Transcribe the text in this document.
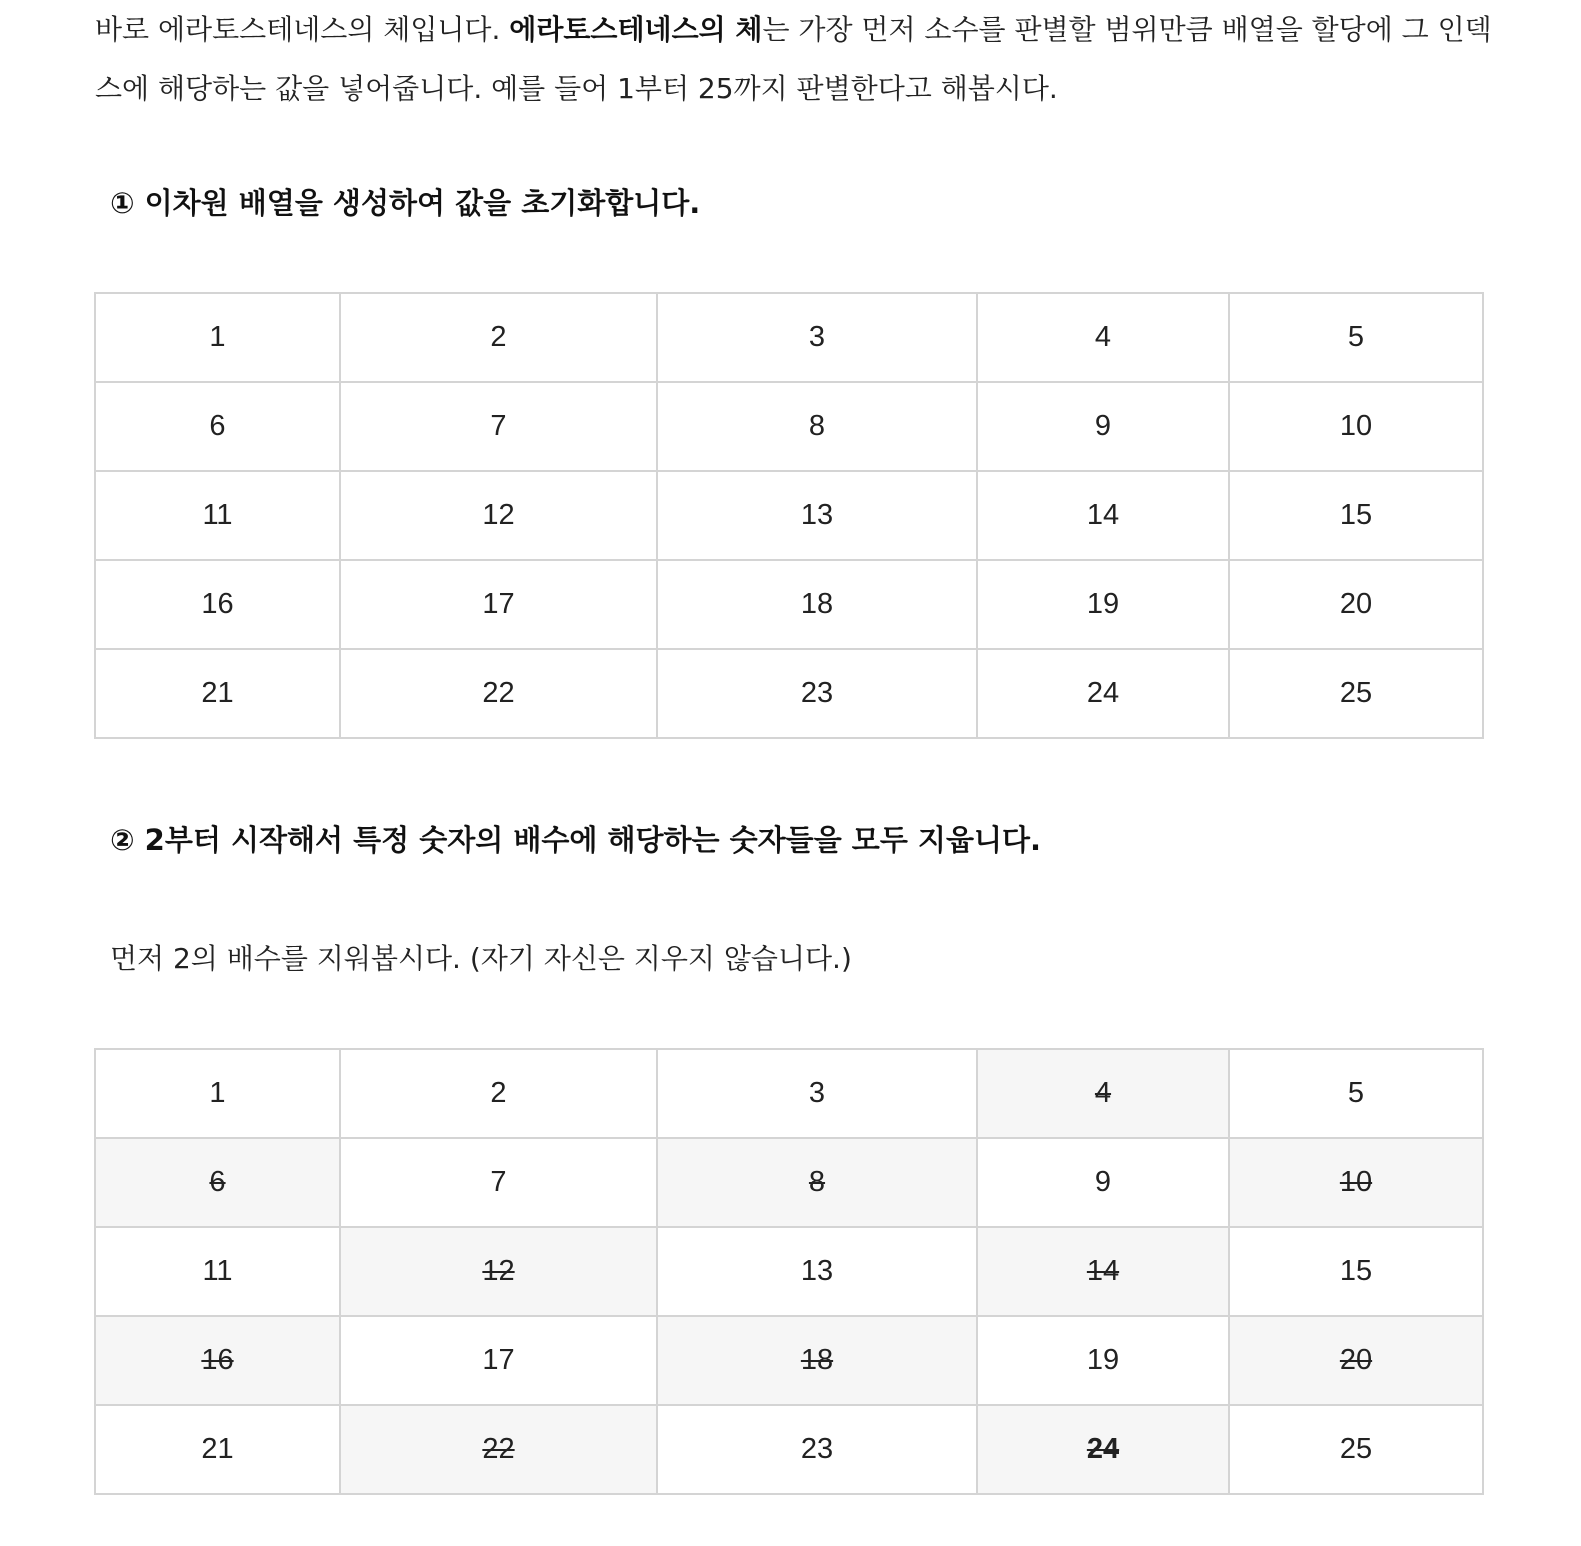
바로 에라토스테네스의 체입니다. 에라토스테네스의 체는 가장 먼저 소수를 판별할 범위만큼 배열을 할당에 그 인덱스에 해당하는 값을 넣어줍니다. 예를 들어 1부터 25까지 판별한다고 해봅시다.

① 이차원 배열을 생성하여 값을 초기화합니다.
1	2	3	4	5
6	7	8	9	10
11	12	13	14	15
16	17	18	19	20
21	22	23	24	25
② 2부터 시작해서 특정 숫자의 배수에 해당하는 숫자들을 모두 지웁니다.

먼저 2의 배수를 지워봅시다. (자기 자신은 지우지 않습니다.)

1	2	3	4	5
6	7	8	9	10
11	12	13	14	15
16	17	18	19	20
21	22	23	24	25
